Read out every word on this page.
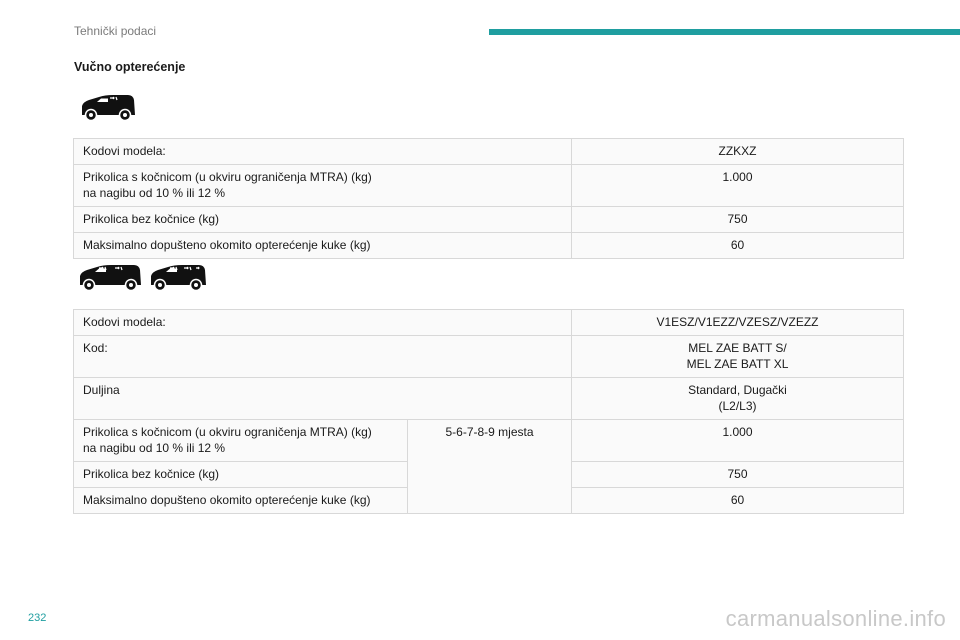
Tehnički podaci
Vučno opterećenje
Kodovi modela:	ZZKXZ

Prikolica s kočnicom (u okviru ograničenja MTRA) (kg)
na nagibu od 10 % ili 12 %	1.000
Prikolica bez kočnice (kg)	750
Maksimalno dopušteno okomito opterećenje kuke (kg)	60
Kodovi modela:		V1ESZ/V1EZZ/VZESZ/VZEZZ
Kod:		MEL ZAE BATT S/
MEL ZAE BATT XL

Duljina		Standard, Dugački
(L2/L3)

Prikolica s kočnicom (u okviru ograničenja MTRA) (kg)
na nagibu od 10 % ili 12 %	5-6-7-8-9 mjesta	1.000
Prikolica bez kočnice (kg)		750
Maksimalno dopušteno okomito opterećenje kuke (kg)		60
232	carmanualsonline.info
